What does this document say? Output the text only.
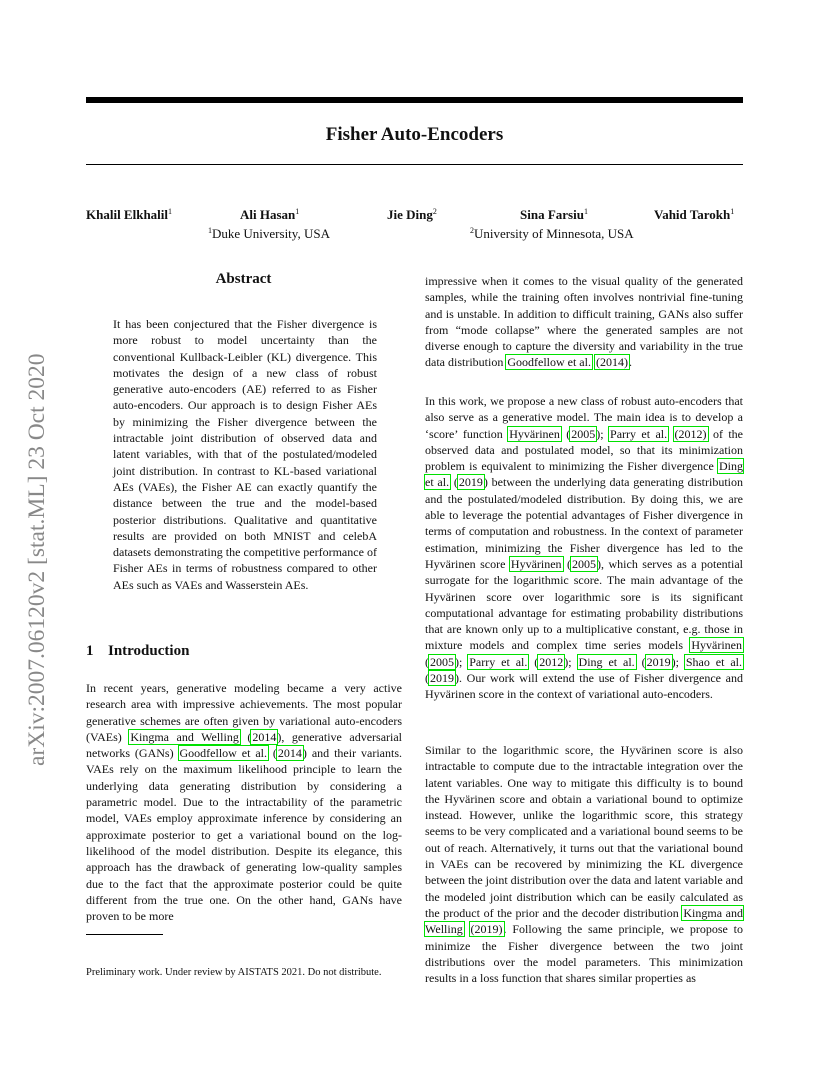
Fisher Auto-Encoders
Khalil Elkhalil$^1$	Ali Hasan$^1$	Jie Ding$^2$	Sina Farsiu$^1$	Vahid Tarokh$^1$
$^1$Duke University, USA	$^2$University of Minnesota, USA
arXiv:2007.06120v2 [stat.ML] 23 Oct 2020
Abstract

It has been conjectured that the Fisher divergence is more robust to model uncertainty than the conventional Kullback-Leibler (KL) divergence. This motivates the design of a new class of robust generative auto-encoders (AE) referred to as Fisher auto-encoders. Our approach is to design Fisher AEs by minimizing the Fisher divergence between the intractable joint distribution of observed data and latent variables, with that of the postulated/modeled joint distribution. In contrast to KL-based variational AEs (VAEs), the Fisher AE can exactly quantify the distance between the true and the model-based posterior distributions. Qualitative and quantitative results are provided on both MNIST and celebA datasets demonstrating the competitive performance of Fisher AEs in terms of robustness compared to other AEs such as VAEs and Wasserstein AEs.

1 Introduction

In recent years, generative modeling became a very active research area with impressive achievements. The most popular generative schemes are often given by variational auto-encoders (VAEs) Kingma and Welling (2014), generative adversarial networks (GANs) Goodfellow et al. (2014) and their variants. VAEs rely on the maximum likelihood principle to learn the underlying data generating distribution by considering a parametric model. Due to the intractability of the parametric model, VAEs employ approximate inference by considering an approximate posterior to get a variational bound on the log-likelihood of the model distribution. Despite its elegance, this approach has the drawback of generating low-quality samples due to the fact that the approximate posterior could be quite different from the true one. On the other hand, GANs have proven to be more

Preliminary work. Under review by AISTATS 2021. Do not distribute.

impressive when it comes to the visual quality of the generated samples, while the training often involves nontrivial fine-tuning and is unstable. In addition to difficult training, GANs also suffer from “mode collapse” where the generated samples are not diverse enough to capture the diversity and variability in the true data distribution Goodfellow et al. (2014).

In this work, we propose a new class of robust auto-encoders that also serve as a generative model. The main idea is to develop a ‘score’ function Hyvärinen (2005); Parry et al. (2012) of the observed data and postulated model, so that its minimization problem is equivalent to minimizing the Fisher divergence Ding et al. (2019) between the underlying data generating distribution and the postulated/modeled distribution. By doing this, we are able to leverage the potential advantages of Fisher divergence in terms of computation and robustness. In the context of parameter estimation, minimizing the Fisher divergence has led to the Hyvärinen score Hyvärinen (2005), which serves as a potential surrogate for the logarithmic score. The main advantage of the Hyvärinen score over logarithmic sore is its significant computational advantage for estimating probability distributions that are known only up to a multiplicative constant, e.g. those in mixture models and complex time series models Hyvärinen (2005); Parry et al. (2012); Ding et al. (2019); Shao et al. (2019). Our work will extend the use of Fisher divergence and Hyvärinen score in the context of variational auto-encoders.

Similar to the logarithmic score, the Hyvärinen score is also intractable to compute due to the intractable integration over the latent variables. One way to mitigate this difficulty is to bound the Hyvärinen score and obtain a variational bound to optimize instead. However, unlike the logarithmic score, this strategy seems to be very complicated and a variational bound seems to be out of reach. Alternatively, it turns out that the variational bound in VAEs can be recovered by minimizing the KL divergence between the joint distribution over the data and latent variable and the modeled joint distribution which can be easily calculated as the product of the prior and the decoder distribution Kingma and Welling (2019). Following the same principle, we propose to minimize the Fisher divergence between the two joint distributions over the model parameters. This minimization results in a loss function that shares similar properties as
